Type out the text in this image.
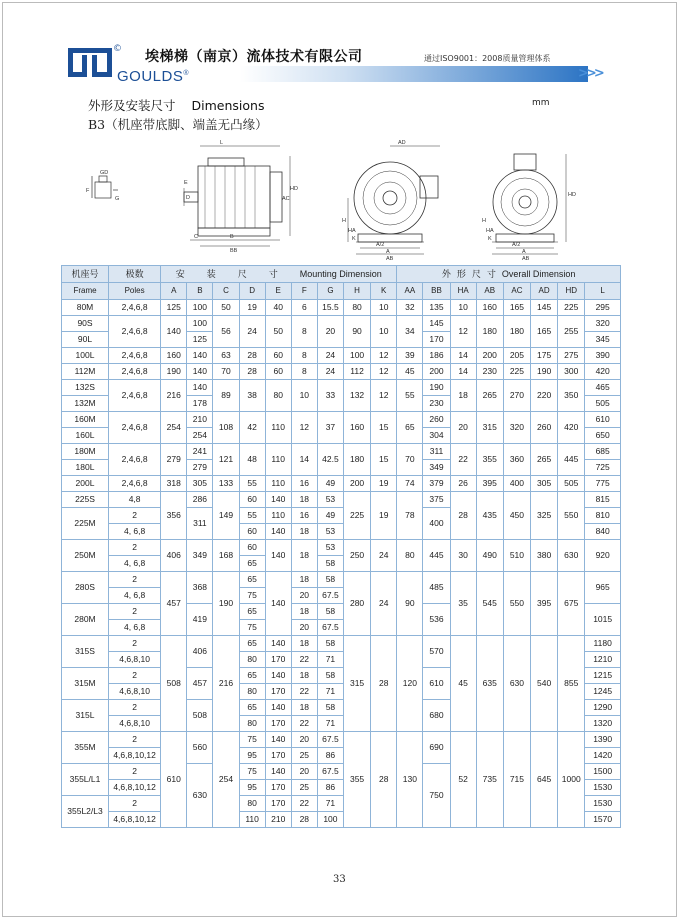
©
GOULDS®
埃梯梯（南京）流体技术有限公司	通过ISO9001：2008质量管理体系
>>>
外形及安装尺寸 Dimensions	mm
B3（机座带底脚、端盖无凸缘）
F
GD
G
L
HD
AC
E
D
C	B
BB
AD
H
HA
K
A/2
A
AB
HD
H
HA
K
A/2
A
AB
机座号	极数	安装尺寸Mounting Dimension									外形尺寸Overall Dimension							
Frame	Poles	A	B	C	D	E	F	G	H	K	AA	BB	HA	AB	AC	AD	HD	L
80M	2,4,6,8	125	100	50	19	40	6	15.5	80	10	32	135	10	160	165	145	225	295
90S	2,4,6,8	140	100	56	24	50	8	20	90	10	34	145	12	180	180	165	255	320
90L			125									170						345
100L	2,4,6,8	160	140	63	28	60	8	24	100	12	39	186	14	200	205	175	275	390
112M	2,4,6,8	190	140	70	28	60	8	24	112	12	45	200	14	230	225	190	300	420
132S	2,4,6,8	216	140	89	38	80	10	33	132	12	55	190	18	265	270	220	350	465
132M			178									230						505
160M	2,4,6,8	254	210	108	42	110	12	37	160	15	65	260	20	315	320	260	420	610
160L			254									304						650
180M	2,4,6,8	279	241	121	48	110	14	42.5	180	15	70	311	22	355	360	265	445	685
180L			279									349						725
200L	2,4,6,8	318	305	133	55	110	16	49	200	19	74	379	26	395	400	305	505	775
225S	4,8	356	286	149	60	140	18	53	225	19	78	375	28	435	450	325	550	815
225M	2		311		55	110	16	49				400						810
	4, 6,8				60	140	18	53										840
250M	2	406	349	168	60	140	18	53	250	24	80	445	30	490	510	380	630	920
	4, 6,8				65			58										
280S	2	457	368	190	65	140	18	58	280	24	90	485	35	545	550	395	675	965
	4, 6,8				75		20	67.5										
280M	2		419		65		18	58				536						1015
	4, 6,8				75		20	67.5										
315S	2	508	406	216	65	140	18	58	315	28	120	570	45	635	630	540	855	1180
	4,6,8,10				80	170	22	71										1210
315M	2		457		65	140	18	58				610						1215
	4,6,8,10				80	170	22	71										1245
315L	2		508		65	140	18	58				680						1290
	4,6,8,10				80	170	22	71										1320
355M	2	610	560	254	75	140	20	67.5	355	28	130	690	52	735	715	645	1000	1390
	4,6,8,10,12				95	170	25	86										1420
355L/L1	2		630		75	140	20	67.5				750						1500
	4,6,8,10,12				95	170	25	86										1530
355L2/L3	2				80	170	22	71										1530
	4,6,8,10,12				110	210	28	100										1570
33
